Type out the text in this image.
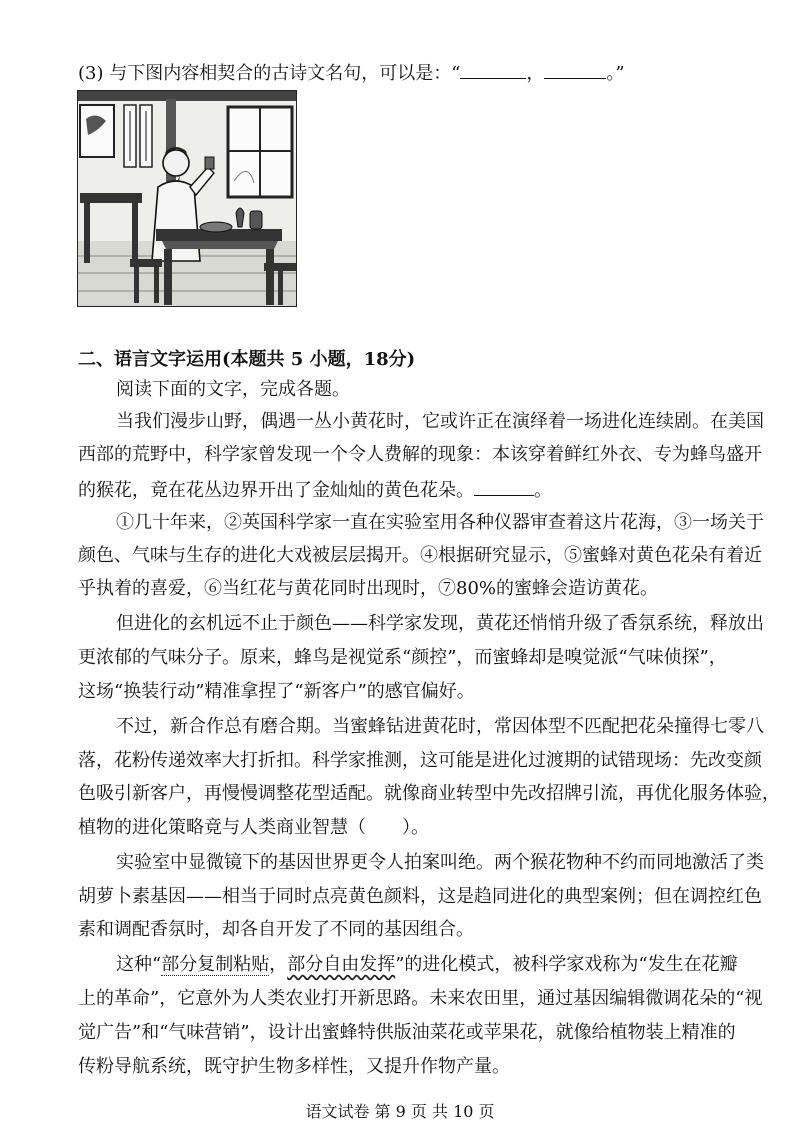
(3) 与下图内容相契合的古诗文名句，可以是：“	，	。”
二、语言文字运用(本题共 5 小题，18分)
阅读下面的文字，完成各题。
当我们漫步山野，偶遇一丛小黄花时，它或许正在演绎着一场进化连续剧。在美国
西部的荒野中，科学家曾发现一个令人费解的现象：本该穿着鲜红外衣、专为蜂鸟盛开
的猴花，竟在花丛边界开出了金灿灿的黄色花朵。	。
①几十年来，②英国科学家一直在实验室用各种仪器审查着这片花海，③一场关于
颜色、气味与生存的进化大戏被层层揭开。④根据研究显示，⑤蜜蜂对黄色花朵有着近
乎执着的喜爱，⑥当红花与黄花同时出现时，⑦80%的蜜蜂会造访黄花。
但进化的玄机远不止于颜色——科学家发现，黄花还悄悄升级了香氛系统，释放出
更浓郁的气味分子。原来，蜂鸟是视觉系“颜控”，而蜜蜂却是嗅觉派“气味侦探”，
这场“换装行动”精准拿捏了“新客户”的感官偏好。
不过，新合作总有磨合期。当蜜蜂钻进黄花时，常因体型不匹配把花朵撞得七零八
落，花粉传递效率大打折扣。科学家推测，这可能是进化过渡期的试错现场：先改变颜
色吸引新客户，再慢慢调整花型适配。就像商业转型中先改招牌引流，再优化服务体验，
植物的进化策略竟与人类商业智慧（　　）。
实验室中显微镜下的基因世界更令人拍案叫绝。两个猴花物种不约而同地激活了类
胡萝卜素基因——相当于同时点亮黄色颜料，这是趋同进化的典型案例；但在调控红色
素和调配香氛时，却各自开发了不同的基因组合。
这种“部分复制粘贴，部分自由发挥”的进化模式，被科学家戏称为“发生在花瓣
上的革命”，它意外为人类农业打开新思路。未来农田里，通过基因编辑微调花朵的“视
觉广告”和“气味营销”，设计出蜜蜂特供版油菜花或苹果花，就像给植物装上精准的
传粉导航系统，既守护生物多样性，又提升作物产量。
语文试卷 第 9 页 共 10 页
